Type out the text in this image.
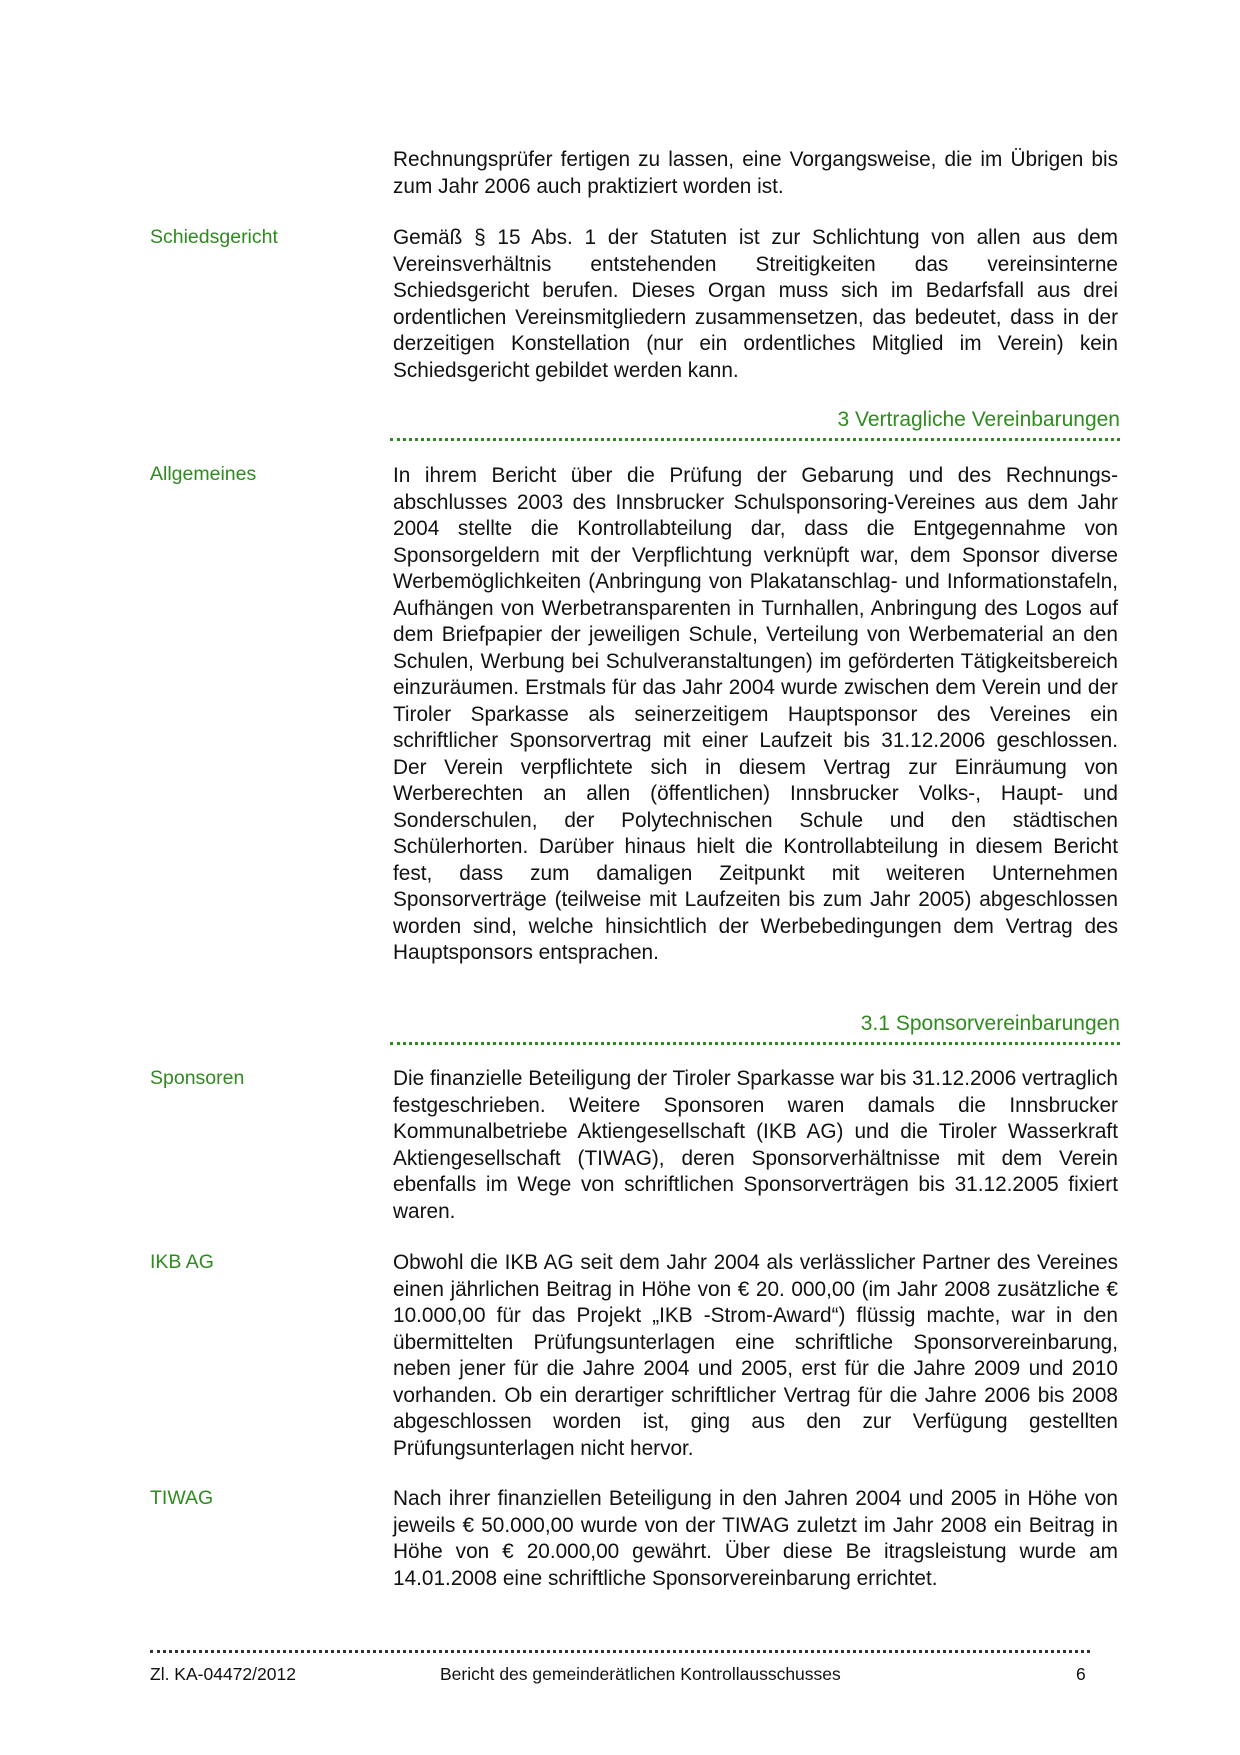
Rechnungsprüfer fertigen zu lassen, eine Vorgangsweise, die im Übrigen bis zum Jahr 2006 auch praktiziert worden ist.
Schiedsgericht	Gemäß § 15 Abs. 1 der Statuten ist zur Schlichtung von allen aus dem Vereinsverhältnis entstehenden Streitigkeiten das vereinsinterne Schiedsgericht berufen. Dieses Organ muss sich im Bedarfsfall aus drei ordentlichen Vereinsmitgliedern zusammensetzen, das bedeutet, dass in der derzeitigen Konstellation (nur ein ordentliches Mitglied im Verein) kein Schiedsgericht gebildet werden kann.
3 Vertragliche Vereinbarungen
Allgemeines	In ihrem Bericht über die Prüfung der Gebarung und des Rechnungsabschlusses 2003 des Innsbrucker Schulsponsoring-Vereines aus dem Jahr 2004 stellte die Kontrollabteilung dar, dass die Entgegennahme von Sponsorgeldern mit der Verpflichtung verknüpft war, dem Sponsor diverse Werbemöglichkeiten (Anbringung von Plakatanschlag- und Informationstafeln, Aufhängen von Werbetransparenten in Turnhallen, Anbringung des Logos auf dem Briefpapier der jeweiligen Schule, Verteilung von Werbematerial an den Schulen, Werbung bei Schulveranstaltungen) im geförderten Tätigkeitsbereich einzuräumen. Erstmals für das Jahr 2004 wurde zwischen dem Verein und der Tiroler Sparkasse als seinerzeitigem Hauptsponsor des Vereines ein schriftlicher Sponsorvertrag mit einer Laufzeit bis 31.12.2006 geschlossen. Der Verein verpflichtete sich in diesem Vertrag zur Einräumung von Werberechten an allen (öffentlichen) Innsbrucker Volks-, Haupt- und Sonderschulen, der Polytechnischen Schule und den städtischen Schülerhorten. Darüber hinaus hielt die Kontrollabteilung in diesem Bericht fest, dass zum damaligen Zeitpunkt mit weiteren Unternehmen Sponsorverträge (teilweise mit Laufzeiten bis zum Jahr 2005) abgeschlossen worden sind, welche hinsichtlich der Werbebedingungen dem Vertrag des Hauptsponsors entsprachen.
3.1 Sponsorvereinbarungen
Sponsoren	Die finanzielle Beteiligung der Tiroler Sparkasse war bis 31.12.2006 vertraglich festgeschrieben. Weitere Sponsoren waren damals die Innsbrucker Kommunalbetriebe Aktiengesellschaft (IKB AG) und die Tiroler Wasserkraft Aktiengesellschaft (TIWAG), deren Sponsorverhältnisse mit dem Verein ebenfalls im Wege von schriftlichen Sponsorverträgen bis 31.12.2005 fixiert waren.
IKB AG	Obwohl die IKB AG seit dem Jahr 2004 als verlässlicher Partner des Vereines einen jährlichen Beitrag in Höhe von € 20. 000,00 (im Jahr 2008 zusätzliche € 10.000,00 für das Projekt „IKB -Strom-Award“) flüssig machte, war in den übermittelten Prüfungsunterlagen eine schriftliche Sponsorvereinbarung, neben jener für die Jahre 2004 und 2005, erst für die Jahre 2009 und 2010 vorhanden. Ob ein derartiger schriftlicher Vertrag für die Jahre 2006 bis 2008 abgeschlossen worden ist, ging aus den zur Verfügung gestellten Prüfungsunterlagen nicht hervor.
TIWAG	Nach ihrer finanziellen Beteiligung in den Jahren 2004 und 2005 in Höhe von jeweils € 50.000,00 wurde von der TIWAG zuletzt im Jahr 2008 ein Beitrag in Höhe von € 20.000,00 gewährt. Über diese Be itragsleistung wurde am 14.01.2008 eine schriftliche Sponsorvereinbarung errichtet.
Zl. KA-04472/2012	Bericht des gemeinderätlichen Kontrollausschusses	6
